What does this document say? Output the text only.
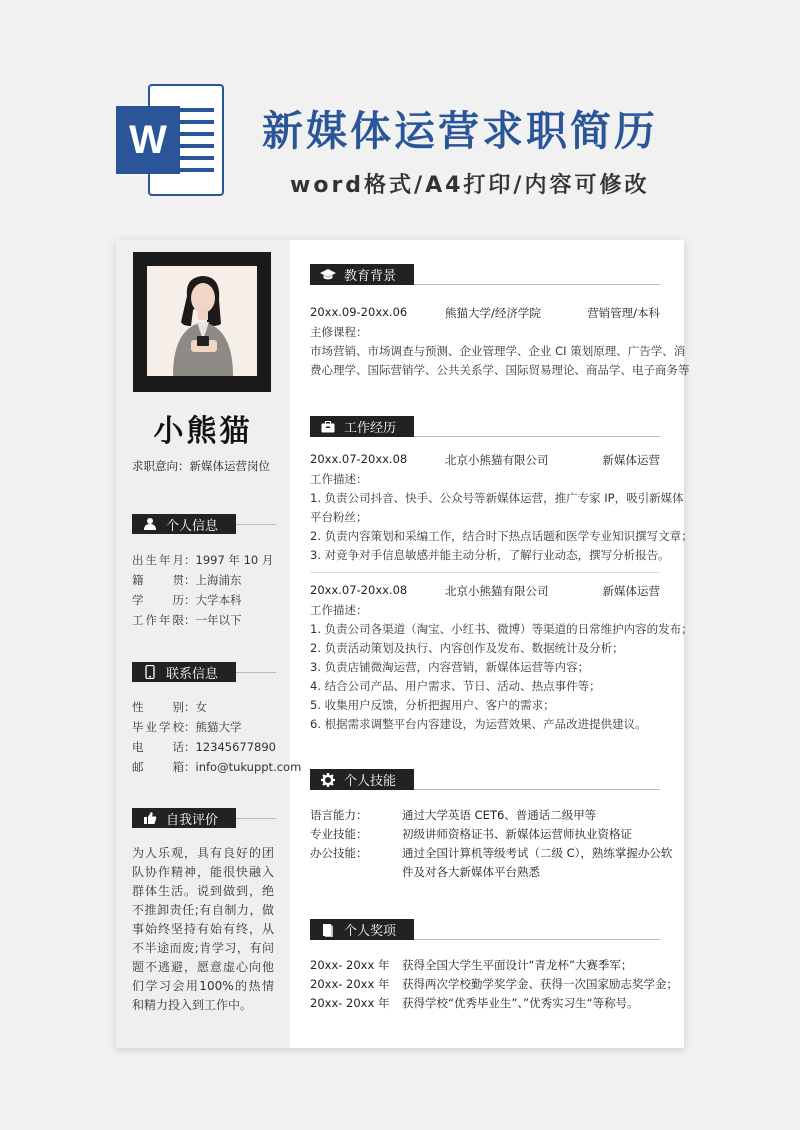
W	新媒体运营求职简历
word格式/A4打印/内容可修改
小熊猫
求职意向：新媒体运营岗位
个人信息
出生年月：1997 年 10 月
籍贯：上海浦东
学历：大学本科
工作年限：一年以下
联系信息
性别：女
毕业学校：熊猫大学
电话：12345677890
邮箱：info@tukuppt.com
自我评价
为人乐观，具有良好的团队协作精神，能很快融入群体生活。说到做到，绝不推卸责任;有自制力，做事始终坚持有始有终，从不半途而废;肯学习，有问题不逃避，愿意虚心向他们学习会用100%的热情和精力投入到工作中。
教育背景
20xx.09-20xx.06	熊猫大学/经济学院	营销管理/本科
主修课程：
市场营销、市场调查与预测、企业管理学、企业 CI 策划原理、广告学、消
费心理学、国际营销学、公共关系学、国际贸易理论、商品学、电子商务等
工作经历
20xx.07-20xx.08	北京小熊猫有限公司	新媒体运营
工作描述：
1. 负责公司抖音、快手、公众号等新媒体运营，推广专家 IP，吸引新媒体
平台粉丝；
2. 负责内容策划和采编工作，结合时下热点话题和医学专业知识撰写文章；
3. 对竞争对手信息敏感并能主动分析，了解行业动态，撰写分析报告。
20xx.07-20xx.08	北京小熊猫有限公司	新媒体运营
工作描述：
1. 负责公司各渠道（淘宝、小红书、微博）等渠道的日常维护内容的发布；
2. 负责活动策划及执行、内容创作及发布、数据统计及分析；
3. 负责店铺微淘运营，内容营销，新媒体运营等内容；
4. 结合公司产品、用户需求、节日、活动、热点事件等；
5. 收集用户反馈，分析把握用户、客户的需求；
6. 根据需求调整平台内容建设，为运营效果、产品改进提供建议。
个人技能
语言能力：	通过大学英语 CET6、普通话二级甲等
专业技能：	初级讲师资格证书、新媒体运营师执业资格证
办公技能：	通过全国计算机等级考试（二级 C），熟练掌握办公软
件及对各大新媒体平台熟悉
个人奖项
20xx- 20xx 年 获得全国大学生平面设计“青龙杯”大赛季军；
20xx- 20xx 年 获得两次学校勤学奖学金、获得一次国家励志奖学金；
20xx- 20xx 年 获得学校“优秀毕业生”、”优秀实习生“等称号。
